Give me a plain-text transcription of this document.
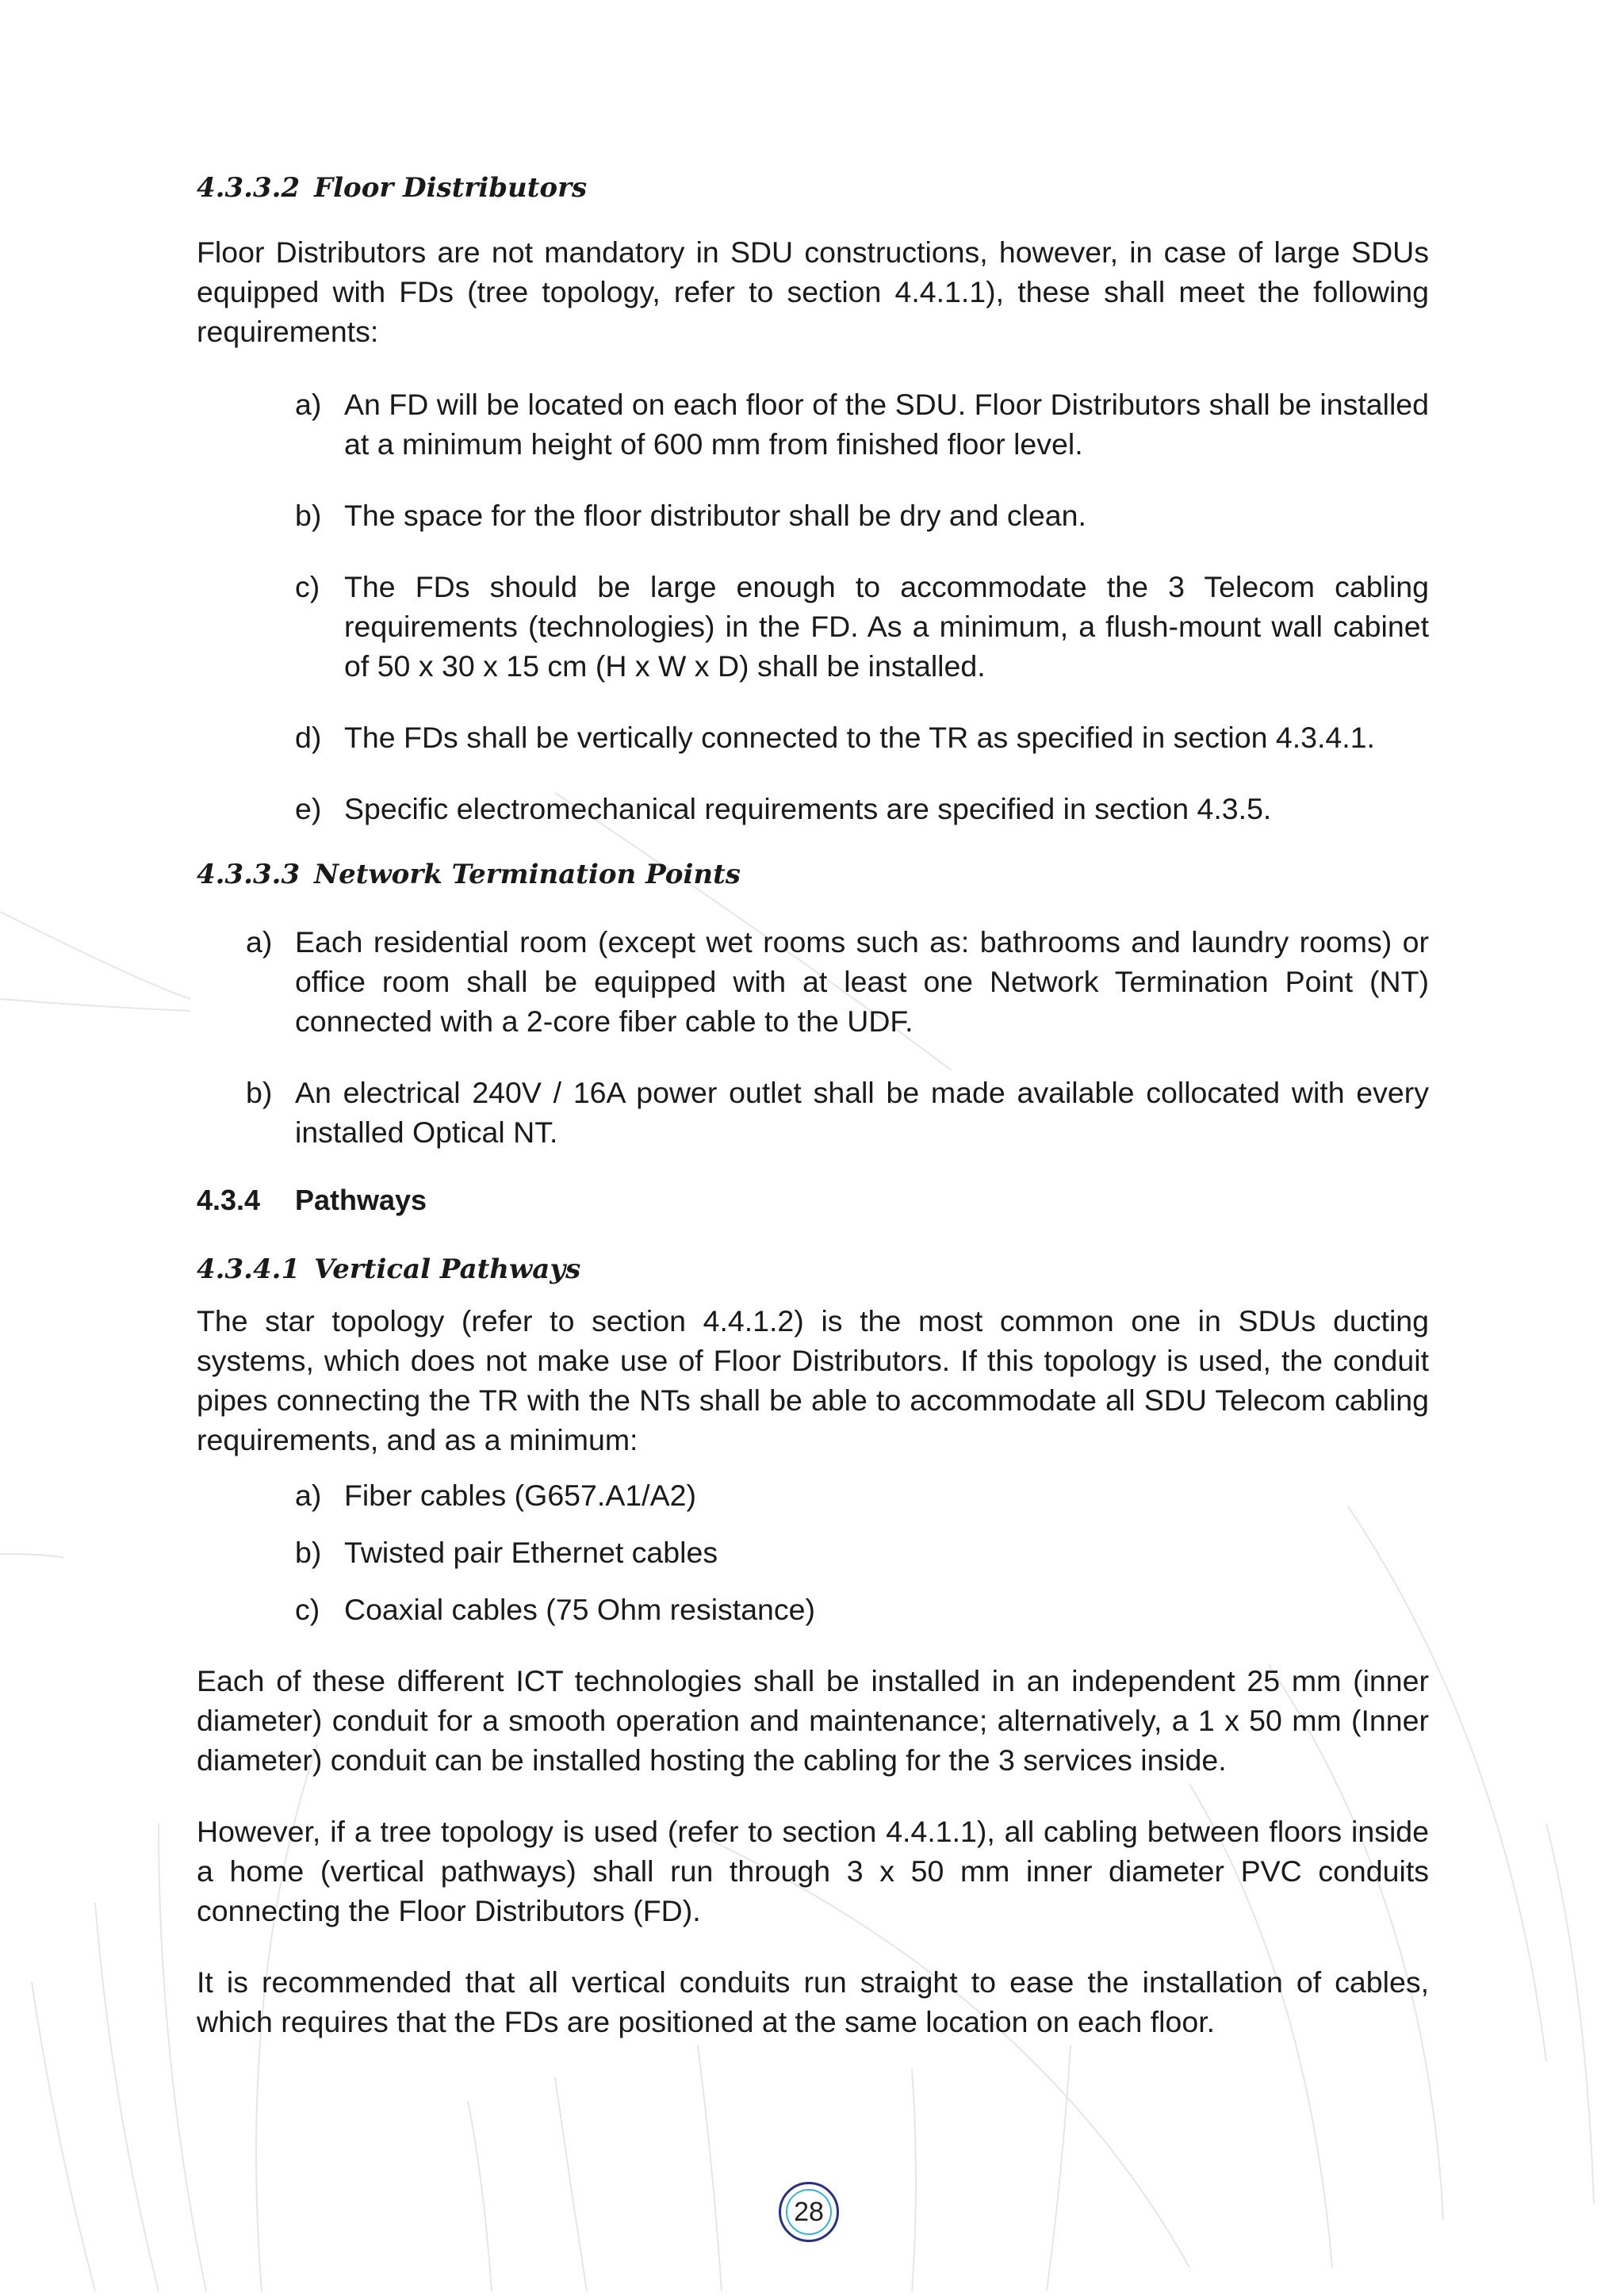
4.3.3.2 Floor Distributors

Floor Distributors are not mandatory in SDU constructions, however, in case of large SDUs equipped with FDs (tree topology, refer to section 4.4.1.1), these shall meet the following requirements:

a) An FD will be located on each floor of the SDU. Floor Distributors shall be installed at a minimum height of 600 mm from finished floor level.
b) The space for the floor distributor shall be dry and clean.
c) The FDs should be large enough to accommodate the 3 Telecom cabling requirements (technologies) in the FD. As a minimum, a flush-mount wall cabinet of 50 x 30 x 15 cm (H x W x D) shall be installed.
d) The FDs shall be vertically connected to the TR as specified in section 4.3.4.1.
e) Specific electromechanical requirements are specified in section 4.3.5.
4.3.3.3 Network Termination Points
a) Each residential room (except wet rooms such as: bathrooms and laundry rooms) or office room shall be equipped with at least one Network Termination Point (NT) connected with a 2-core fiber cable to the UDF.
b) An electrical 240V / 16A power outlet shall be made available collocated with every installed Optical NT.
4.3.4 Pathways
4.3.4.1 Vertical Pathways

The star topology (refer to section 4.4.1.2) is the most common one in SDUs ducting systems, which does not make use of Floor Distributors. If this topology is used, the conduit pipes connecting the TR with the NTs shall be able to accommodate all SDU Telecom cabling requirements, and as a minimum:

a) Fiber cables (G657.A1/A2)
b) Twisted pair Ethernet cables
c) Coaxial cables (75 Ohm resistance)

Each of these different ICT technologies shall be installed in an independent 25 mm (inner diameter) conduit for a smooth operation and maintenance; alternatively, a 1 x 50 mm (Inner diameter) conduit can be installed hosting the cabling for the 3 services inside.

However, if a tree topology is used (refer to section 4.4.1.1), all cabling between floors inside a home (vertical pathways) shall run through 3 x 50 mm inner diameter PVC conduits connecting the Floor Distributors (FD).

It is recommended that all vertical conduits run straight to ease the installation of cables, which requires that the FDs are positioned at the same location on each floor.

28
